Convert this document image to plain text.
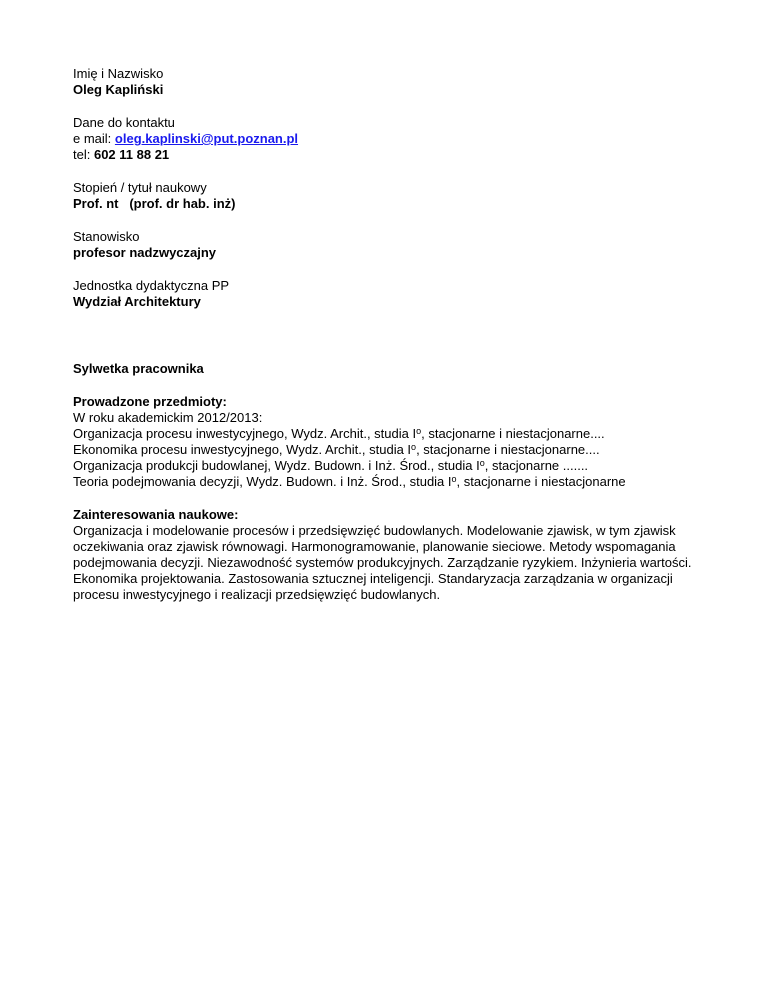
Imię i Nazwisko
Oleg Kapliński
Dane do kontaktu
e mail: oleg.kaplinski@put.poznan.pl
tel: 602 11 88 21
Stopień / tytuł naukowy
Prof. nt   (prof. dr hab. inż)
Stanowisko
profesor nadzwyczajny
Jednostka dydaktyczna PP
Wydział Architektury
Sylwetka pracownika
Prowadzone przedmioty:
W roku akademickim 2012/2013:
Organizacja procesu inwestycyjnego, Wydz. Archit., studia $I^o$, stacjonarne i niestacjonarne....
Ekonomika procesu inwestycyjnego, Wydz. Archit., studia $I^o$, stacjonarne i niestacjonarne....
Organizacja produkcji budowlanej, Wydz. Budown. i Inż. Środ., studia $I^o$, stacjonarne .......
Teoria podejmowania decyzji, Wydz. Budown. i Inż. Środ., studia $I^o$, stacjonarne i niestacjonarne
Zainteresowania naukowe:
Organizacja i modelowanie procesów i przedsięwzięć budowlanych. Modelowanie zjawisk, w tym zjawisk
oczekiwania oraz zjawisk równowagi. Harmonogramowanie, planowanie sieciowe. Metody wspomagania
podejmowania decyzji. Niezawodność systemów produkcyjnych. Zarządzanie ryzykiem. Inżynieria wartości.
Ekonomika projektowania. Zastosowania sztucznej inteligencji. Standaryzacja zarządzania w organizacji
procesu inwestycyjnego i realizacji przedsięwzięć budowlanych.
